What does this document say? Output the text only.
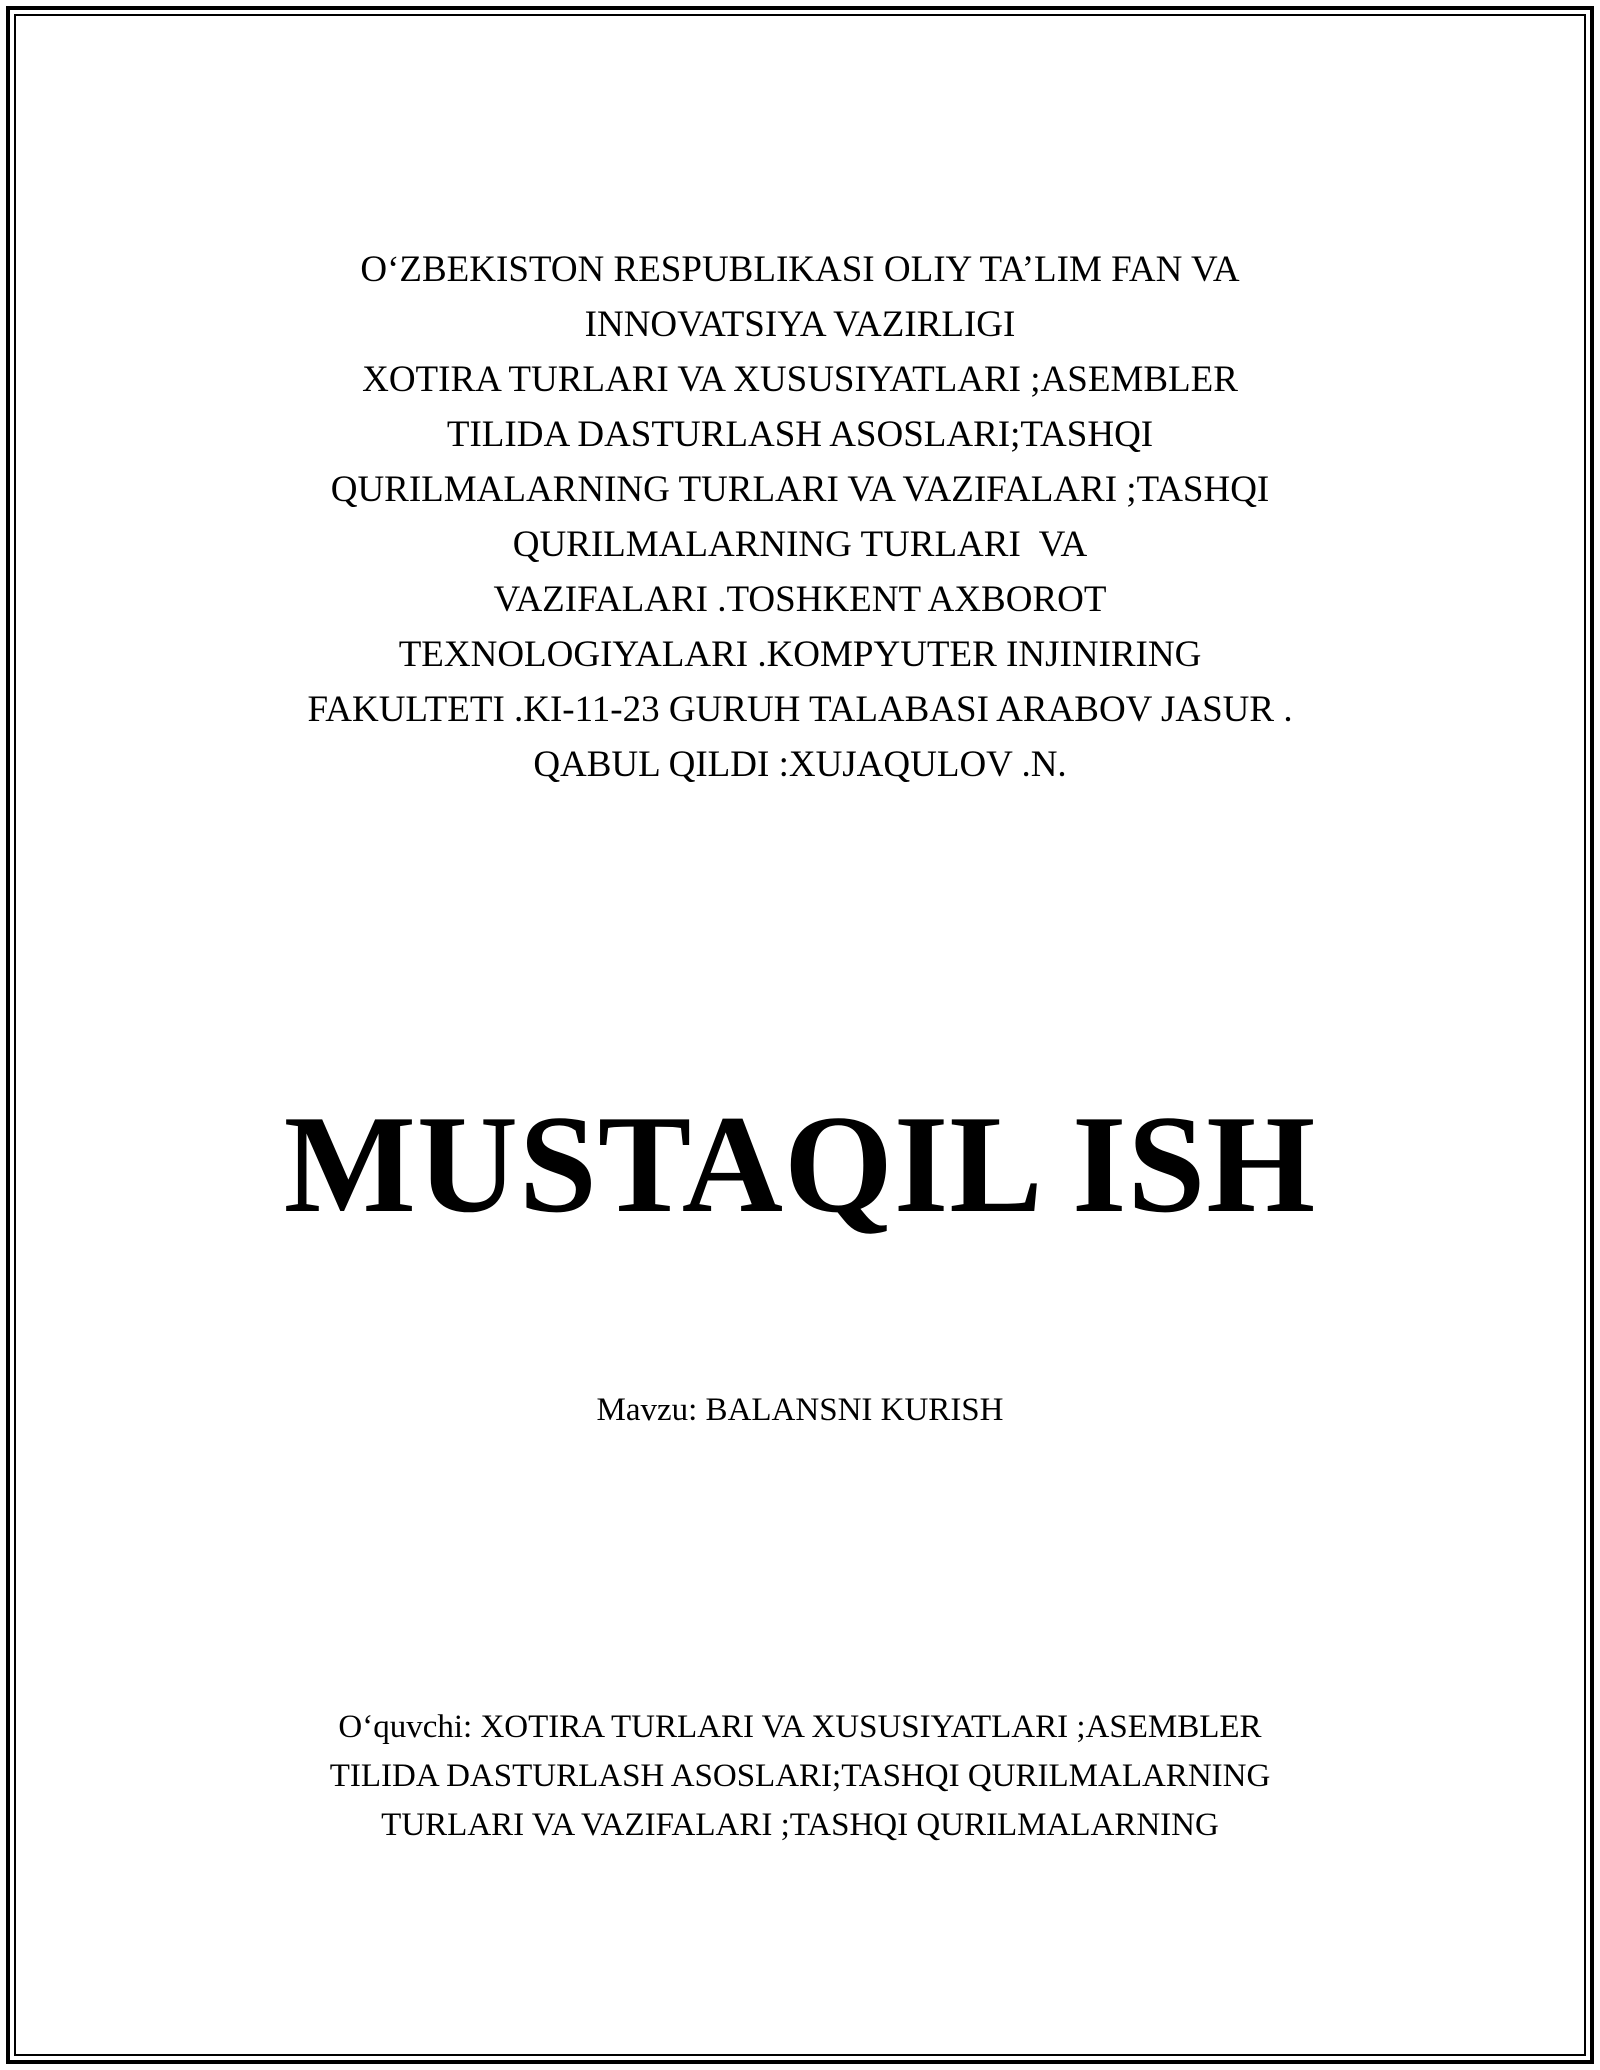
O‘ZBEKISTON RESPUBLIKASI OLIY TA’LIM FAN VA
INNOVATSIYA VAZIRLIGI
XOTIRA TURLARI VA XUSUSIYATLARI ;ASEMBLER
TILIDA DASTURLASH ASOSLARI;TASHQI
QURILMALARNING TURLARI VA VAZIFALARI ;TASHQI
QURILMALARNING TURLARI  VA
VAZIFALARI .TOSHKENT AXBOROT
TEXNOLOGIYALARI .KOMPYUTER INJINIRING
FAKULTETI .KI-11-23 GURUH TALABASI ARABOV JASUR .
QABUL QILDI :XUJAQULOV .N.
MUSTAQIL ISH
Mavzu: BALANSNI KURISH
O‘quvchi: XOTIRA TURLARI VA XUSUSIYATLARI ;ASEMBLER
TILIDA DASTURLASH ASOSLARI;TASHQI QURILMALARNING
TURLARI VA VAZIFALARI ;TASHQI QURILMALARNING
